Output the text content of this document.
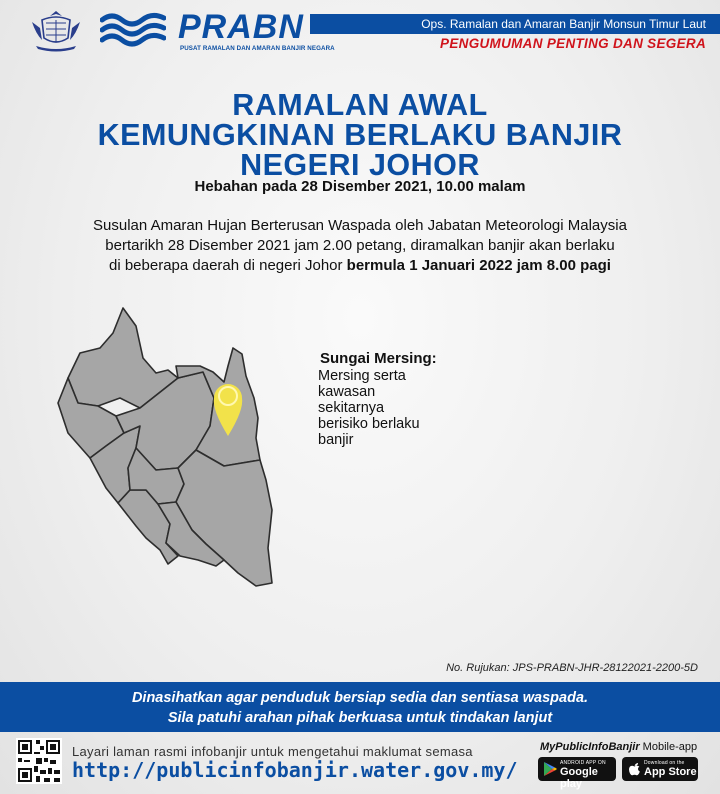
PRABN
PUSAT RAMALAN DAN AMARAN BANJIR NEGARA
Ops. Ramalan dan Amaran Banjir Monsun Timur Laut
PENGUMUMAN PENTING DAN SEGERA
RAMALAN AWAL
KEMUNGKINAN BERLAKU BANJIR
NEGERI JOHOR
Hebahan pada 28 Disember 2021, 10.00 malam
Susulan Amaran Hujan Berterusan Waspada oleh Jabatan Meteorologi Malaysia
bertarikh 28 Disember 2021 jam 2.00 petang, diramalkan banjir akan berlaku
di beberapa daerah di negeri Johor bermula 1 Januari 2022 jam 8.00 pagi
Sungai Mersing:
Mersing serta kawasan sekitarnya berisiko berlaku banjir
No. Rujukan: JPS-PRABN-JHR-28122021-2200-5D
Dinasihatkan agar penduduk bersiap sedia dan sentiasa waspada.
Sila patuhi arahan pihak berkuasa untuk tindakan lanjut
Layari laman rasmi infobanjir untuk mengetahui maklumat semasa
http://publicinfobanjir.water.gov.my/
MyPublicInfoBanjir Mobile-app
ANDROID APP ON
Google play
Download on the
App Store
